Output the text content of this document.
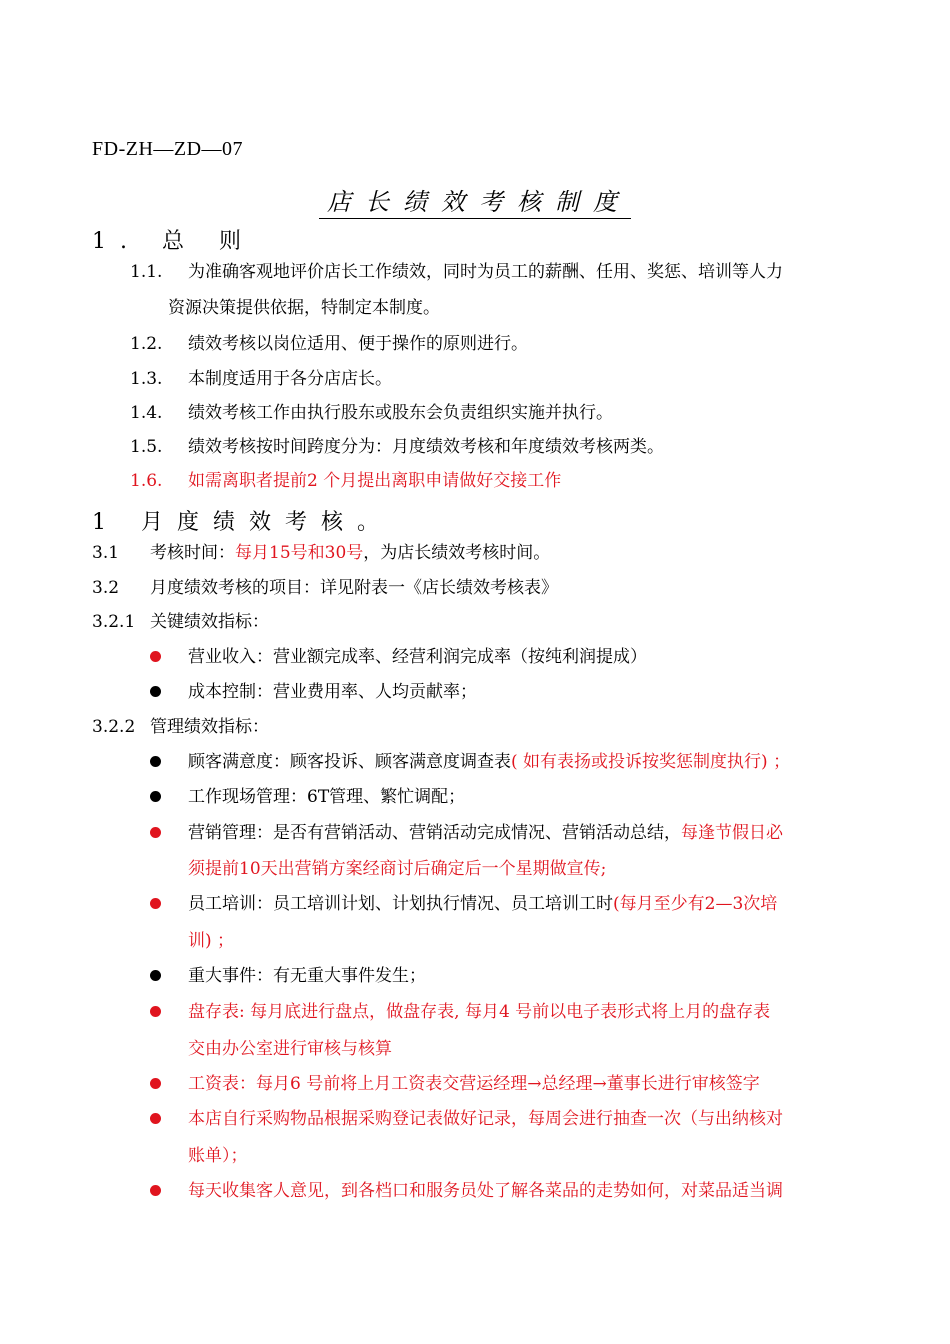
FD-ZH—ZD—07
店长绩效考核制度
1. 总 则
1.1. 为准确客观地评价店长工作绩效，同时为员工的薪酬、任用、奖惩、培训等人力
资源决策提供依据，特制定本制度。
1.2. 绩效考核以岗位适用、便于操作的原则进行。
1.3. 本制度适用于各分店店长。
1.4. 绩效考核工作由执行股东或股东会负责组织实施并执行。
1.5. 绩效考核按时间跨度分为：月度绩效考核和年度绩效考核两类。
1.6. 如需离职者提前2 个月提出离职申请做好交接工作
1 月度绩效考核。
3.1 考核时间：每月15号和30号，为店长绩效考核时间。
3.2 月度绩效考核的项目：详见附表一《店长绩效考核表》
3.2.1 关键绩效指标：
营业收入：营业额完成率、经营利润完成率（按纯利润提成）
成本控制：营业费用率、人均贡献率；
3.2.2 管理绩效指标：
顾客满意度：顾客投诉、顾客满意度调查表( 如有表扬或投诉按奖惩制度执行) ；
工作现场管理：6T管理、繁忙调配；
营销管理：是否有营销活动、营销活动完成情况、营销活动总结，每逢节假日必
须提前10天出营销方案经商讨后确定后一个星期做宣传;
员工培训：员工培训计划、计划执行情况、员工培训工时(每月至少有2—3次培
训) ；
重大事件：有无重大事件发生；
盘存表: 每月底进行盘点，做盘存表, 每月4 号前以电子表形式将上月的盘存表
交由办公室进行审核与核算
工资表：每月6 号前将上月工资表交营运经理→总经理→董事长进行审核签字
本店自行采购物品根据采购登记表做好记录，每周会进行抽查一次（与出纳核对
账单）；
每天收集客人意见，到各档口和服务员处了解各菜品的走势如何，对菜品适当调
